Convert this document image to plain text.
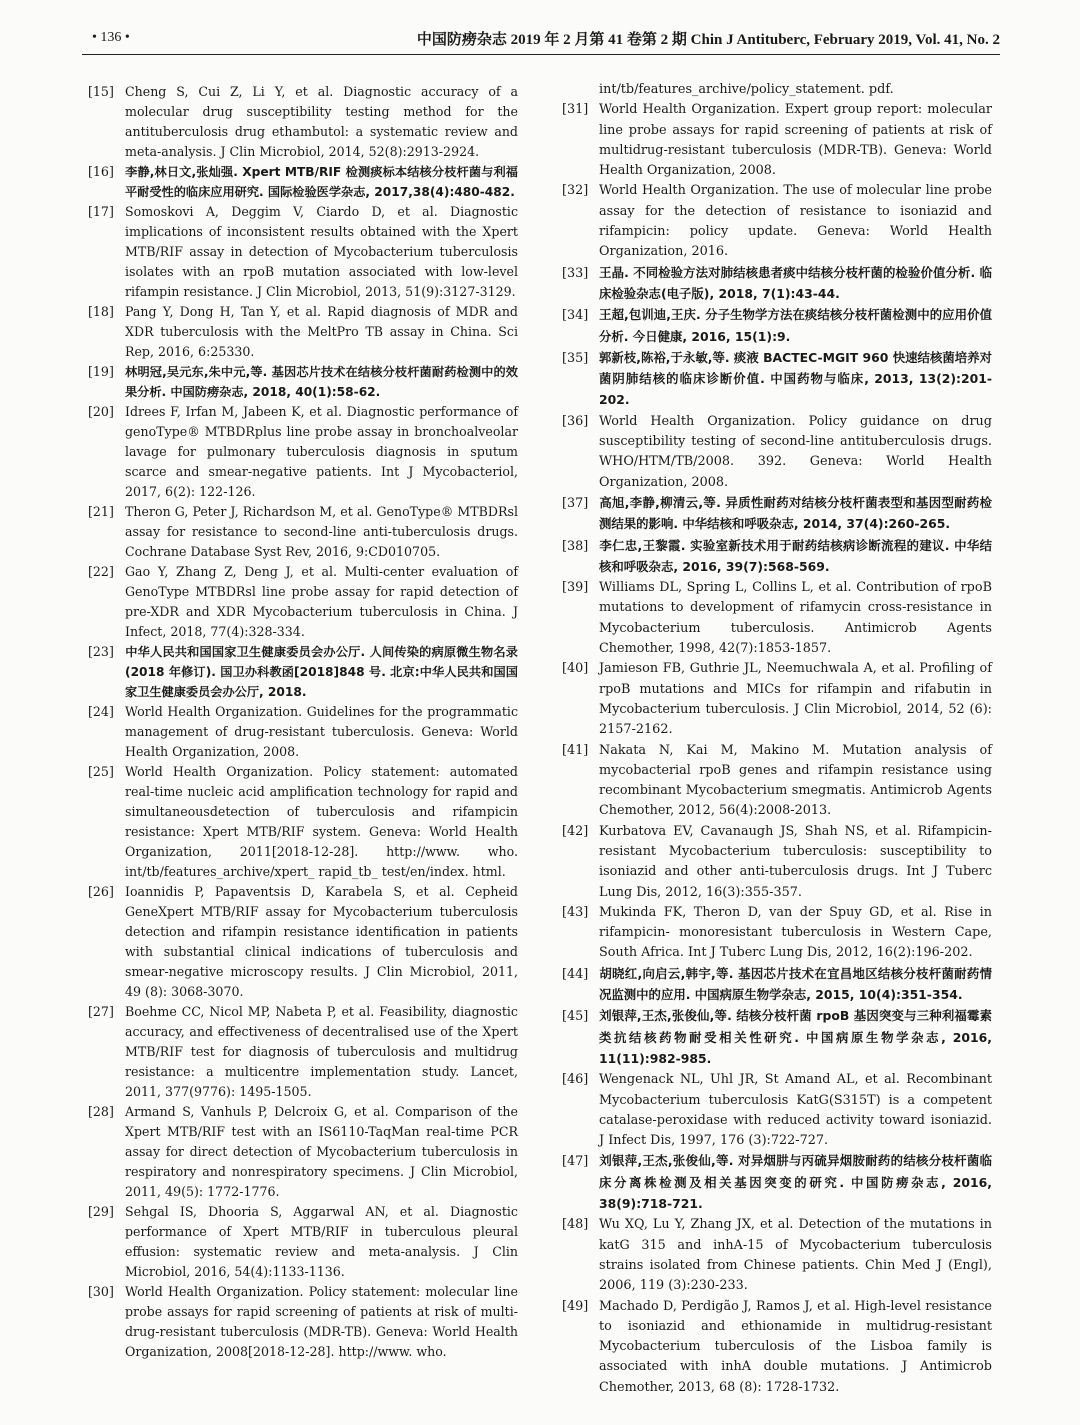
• 136 •	中国防痨杂志 2019 年 2 月第 41 卷第 2 期 Chin J Antituberc, February 2019, Vol. 41, No. 2

[15] Cheng S, Cui Z, Li Y, et al. Diagnostic accuracy of a molecular drug susceptibility testing method for the antituberculosis drug ethambutol: a systematic review and meta-analysis. J Clin Microbiol, 2014, 52(8):2913-2924.

[16] 李静,林日文,张灿强. Xpert MTB/RIF 检测痰标本结核分枝杆菌与利福平耐受性的临床应用研究. 国际检验医学杂志, 2017,38(4):480-482.

[17] Somoskovi A, Deggim V, Ciardo D, et al. Diagnostic implications of inconsistent results obtained with the Xpert MTB/RIF assay in detection of Mycobacterium tuberculosis isolates with an rpoB mutation associated with low-level rifampin resistance. J Clin Microbiol, 2013, 51(9):3127-3129.

[18] Pang Y, Dong H, Tan Y, et al. Rapid diagnosis of MDR and XDR tuberculosis with the MeltPro TB assay in China. Sci Rep, 2016, 6:25330.

[19] 林明冠,吴元东,朱中元,等. 基因芯片技术在结核分枝杆菌耐药检测中的效果分析. 中国防痨杂志, 2018, 40(1):58-62.

[20] Idrees F, Irfan M, Jabeen K, et al. Diagnostic performance of genoType® MTBDRplus line probe assay in bronchoalveolar lavage for pulmonary tuberculosis diagnosis in sputum scarce and smear-negative patients. Int J Mycobacteriol, 2017, 6(2): 122-126.

[21] Theron G, Peter J, Richardson M, et al. GenoType® MTBDRsl assay for resistance to second-line anti-tuberculosis drugs. Cochrane Database Syst Rev, 2016, 9:CD010705.

[22] Gao Y, Zhang Z, Deng J, et al. Multi-center evaluation of GenoType MTBDRsl line probe assay for rapid detection of pre-XDR and XDR Mycobacterium tuberculosis in China. J Infect, 2018, 77(4):328-334.

[23] 中华人民共和国国家卫生健康委员会办公厅. 人间传染的病原微生物名录(2018 年修订). 国卫办科教函[2018]848 号. 北京:中华人民共和国国家卫生健康委员会办公厅, 2018.

[24] World Health Organization. Guidelines for the programmatic management of drug-resistant tuberculosis. Geneva: World Health Organization, 2008.

[25] World Health Organization. Policy statement: automated real-time nucleic acid amplification technology for rapid and simultaneousdetection of tuberculosis and rifampicin resistance: Xpert MTB/RIF system. Geneva: World Health Organization, 2011[2018-12-28]. http://www. who. int/tb/features_archive/xpert_ rapid_tb_ test/en/index. html.

[26] Ioannidis P, Papaventsis D, Karabela S, et al. Cepheid GeneXpert MTB/RIF assay for Mycobacterium tuberculosis detection and rifampin resistance identification in patients with substantial clinical indications of tuberculosis and smear-negative microscopy results. J Clin Microbiol, 2011, 49 (8): 3068-3070.

[27] Boehme CC, Nicol MP, Nabeta P, et al. Feasibility, diagnostic accuracy, and effectiveness of decentralised use of the Xpert MTB/RIF test for diagnosis of tuberculosis and multidrug resistance: a multicentre implementation study. Lancet, 2011, 377(9776): 1495-1505.

[28] Armand S, Vanhuls P, Delcroix G, et al. Comparison of the Xpert MTB/RIF test with an IS6110-TaqMan real-time PCR assay for direct detection of Mycobacterium tuberculosis in respiratory and nonrespiratory specimens. J Clin Microbiol, 2011, 49(5): 1772-1776.

[29] Sehgal IS, Dhooria S, Aggarwal AN, et al. Diagnostic performance of Xpert MTB/RIF in tuberculous pleural effusion: systematic review and meta-analysis. J Clin Microbiol, 2016, 54(4):1133-1136.

[30] World Health Organization. Policy statement: molecular line probe assays for rapid screening of patients at risk of multi-drug-resistant tuberculosis (MDR-TB). Geneva: World Health Organization, 2008[2018-12-28]. http://www. who.

int/tb/features_archive/policy_statement. pdf.

[31] World Health Organization. Expert group report: molecular line probe assays for rapid screening of patients at risk of multidrug-resistant tuberculosis (MDR-TB). Geneva: World Health Organization, 2008.

[32] World Health Organization. The use of molecular line probe assay for the detection of resistance to isoniazid and rifampicin: policy update. Geneva: World Health Organization, 2016.

[33] 王晶. 不同检验方法对肺结核患者痰中结核分枝杆菌的检验价值分析. 临床检验杂志(电子版), 2018, 7(1):43-44.

[34] 王超,包训迪,王庆. 分子生物学方法在痰结核分枝杆菌检测中的应用价值分析. 今日健康, 2016, 15(1):9.

[35] 郭新枝,陈裕,于永敏,等. 痰液 BACTEC-MGIT 960 快速结核菌培养对菌阴肺结核的临床诊断价值. 中国药物与临床, 2013, 13(2):201-202.

[36] World Health Organization. Policy guidance on drug susceptibility testing of second-line antituberculosis drugs. WHO/HTM/TB/2008. 392. Geneva: World Health Organization, 2008.

[37] 高旭,李静,柳清云,等. 异质性耐药对结核分枝杆菌表型和基因型耐药检测结果的影响. 中华结核和呼吸杂志, 2014, 37(4):260-265.

[38] 李仁忠,王黎霞. 实验室新技术用于耐药结核病诊断流程的建议. 中华结核和呼吸杂志, 2016, 39(7):568-569.

[39] Williams DL, Spring L, Collins L, et al. Contribution of rpoB mutations to development of rifamycin cross-resistance in Mycobacterium tuberculosis. Antimicrob Agents Chemother, 1998, 42(7):1853-1857.

[40] Jamieson FB, Guthrie JL, Neemuchwala A, et al. Profiling of rpoB mutations and MICs for rifampin and rifabutin in Mycobacterium tuberculosis. J Clin Microbiol, 2014, 52 (6): 2157-2162.

[41] Nakata N, Kai M, Makino M. Mutation analysis of mycobacterial rpoB genes and rifampin resistance using recombinant Mycobacterium smegmatis. Antimicrob Agents Chemother, 2012, 56(4):2008-2013.

[42] Kurbatova EV, Cavanaugh JS, Shah NS, et al. Rifampicin-resistant Mycobacterium tuberculosis: susceptibility to isoniazid and other anti-tuberculosis drugs. Int J Tuberc Lung Dis, 2012, 16(3):355-357.

[43] Mukinda FK, Theron D, van der Spuy GD, et al. Rise in rifampicin- monoresistant tuberculosis in Western Cape, South Africa. Int J Tuberc Lung Dis, 2012, 16(2):196-202.

[44] 胡晓红,向启云,韩宇,等. 基因芯片技术在宜昌地区结核分枝杆菌耐药情况监测中的应用. 中国病原生物学杂志, 2015, 10(4):351-354.

[45] 刘银萍,王杰,张俊仙,等. 结核分枝杆菌 rpoB 基因突变与三种利福霉素类抗结核药物耐受相关性研究. 中国病原生物学杂志, 2016, 11(11):982-985.

[46] Wengenack NL, Uhl JR, St Amand AL, et al. Recombinant Mycobacterium tuberculosis KatG(S315T) is a competent catalase-peroxidase with reduced activity toward isoniazid. J Infect Dis, 1997, 176 (3):722-727.

[47] 刘银萍,王杰,张俊仙,等. 对异烟肼与丙硫异烟胺耐药的结核分枝杆菌临床分离株检测及相关基因突变的研究. 中国防痨杂志, 2016, 38(9):718-721.

[48] Wu XQ, Lu Y, Zhang JX, et al. Detection of the mutations in katG 315 and inhA-15 of Mycobacterium tuberculosis strains isolated from Chinese patients. Chin Med J (Engl), 2006, 119 (3):230-233.

[49] Machado D, Perdigão J, Ramos J, et al. High-level resistance to isoniazid and ethionamide in multidrug-resistant Mycobacterium tuberculosis of the Lisboa family is associated with inhA double mutations. J Antimicrob Chemother, 2013, 68 (8): 1728-1732.
